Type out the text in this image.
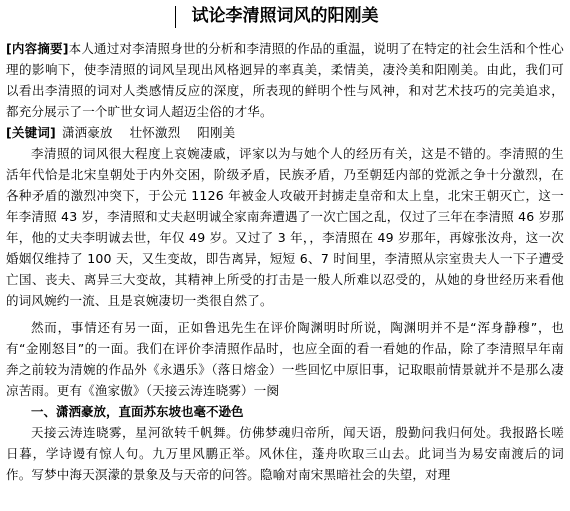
试论李清照词风的阳刚美

[内容摘要]本人通过对李清照身世的分析和李清照的作品的重温，说明了在特定的社会生活和个性心理的影响下，使李清照的词风呈现出风格迥异的率真美，柔情美，凄泠美和阳刚美。由此，我们可以看出李清照的词对人类感情反应的深度，所表现的鲜明个性与风神，和对艺术技巧的完美追求，都充分展示了一个旷世女词人超迈尘俗的才华。

[关键词] 潇洒豪放　 壮怀激烈　 阳刚美

李清照的词风很大程度上哀婉凄戚，评家以为与她个人的经历有关，这是不错的。李清照的生活年代恰是北宋皇朝处于内外交困，阶级矛盾，民族矛盾，乃至朝廷内部的党派之争十分激烈，在各种矛盾的激烈冲突下，于公元 1126 年被金人攻破开封掳走皇帝和太上皇，北宋王朝灭亡，这一年李清照 43 岁，李清照和丈夫赵明诚全家南奔遭遇了一次亡国之乱，仅过了三年在李清照 46 岁那年，他的丈夫李明诚去世，年仅 49 岁。又过了 3 年，，李清照在 49 岁那年，再嫁张汝舟，这一次婚姻仅维持了 100 天，又生变故，即告离异，短短 6、7 时间里，李清照从宗室贵夫人一下子遭受亡国、丧夫、离异三大变故，其精神上所受的打击是一般人所难以忍受的，从她的身世经历来看他的词风婉约一流、且是哀婉凄切一类很自然了。

然而，事情还有另一面，正如鲁迅先生在评价陶渊明时所说，陶渊明并不是“浑身静穆”，也有“金刚怒目”的一面。我们在评价李清照作品时，也应全面的看一看她的作品，除了李清照早年南奔之前较为清婉的作品外《永遇乐》（落日熔金）一些回忆中原旧事，记取眼前情景就并不是那么凄凉苦雨。更有《渔家傲》（天接云涛连晓雾）一阕

一、潇洒豪放，直面苏东坡也毫不逊色

天接云涛连晓雾，星河欲转千帆舞。仿佛梦魂归帝所，闻天语，殷勤问我归何处。我报路长嗟日暮，学诗谩有惊人句。九万里风鹏正举。风休住，蓬舟吹取三山去。此词当为易安南渡后的词作。写梦中海天溟濛的景象及与天帝的问答。隐喻对南宋黑暗社会的失望，对理
